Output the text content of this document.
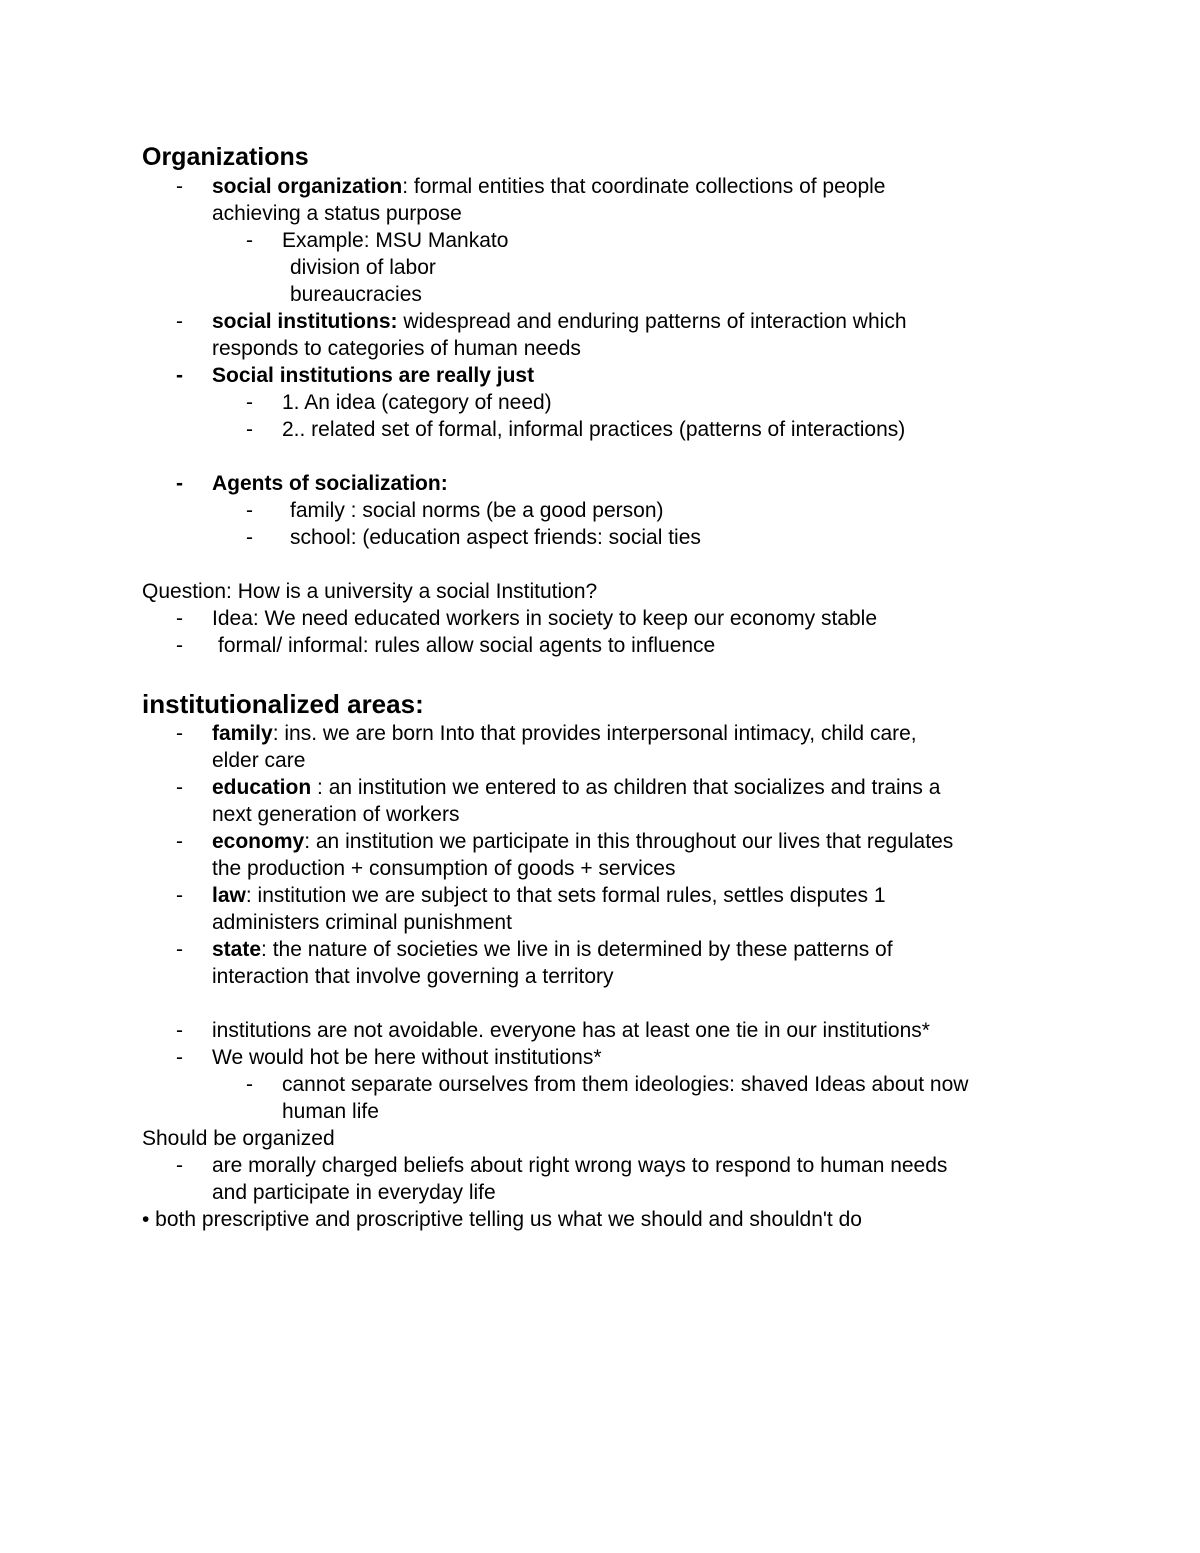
Organizations
- social organization: formal entities that coordinate collections of people
achieving a status purpose
- Example: MSU Mankato
division of labor
bureaucracies
- social institutions: widespread and enduring patterns of interaction which
responds to categories of human needs
- Social institutions are really just
- 1. An idea (category of need)
- 2.. related set of formal, informal practices (patterns of interactions)
- Agents of socialization:
- family : social norms (be a good person)
- school: (education aspect friends: social ties
Question: How is a university a social Institution?
- Idea: We need educated workers in society to keep our economy stable
- formal/ informal: rules allow social agents to influence
institutionalized areas:
- family: ins. we are born Into that provides interpersonal intimacy, child care,
elder care
- education : an institution we entered to as children that socializes and trains a
next generation of workers
- economy: an institution we participate in this throughout our lives that regulates
the production + consumption of goods + services
- law: institution we are subject to that sets formal rules, settles disputes 1
administers criminal punishment
- state: the nature of societies we live in is determined by these patterns of
interaction that involve governing a territory
- institutions are not avoidable. everyone has at least one tie in our institutions*
- We would hot be here without institutions*
- cannot separate ourselves from them ideologies: shaved Ideas about now
human life
Should be organized
- are morally charged beliefs about right wrong ways to respond to human needs
and participate in everyday life
• both prescriptive and proscriptive telling us what we should and shouldn't do
